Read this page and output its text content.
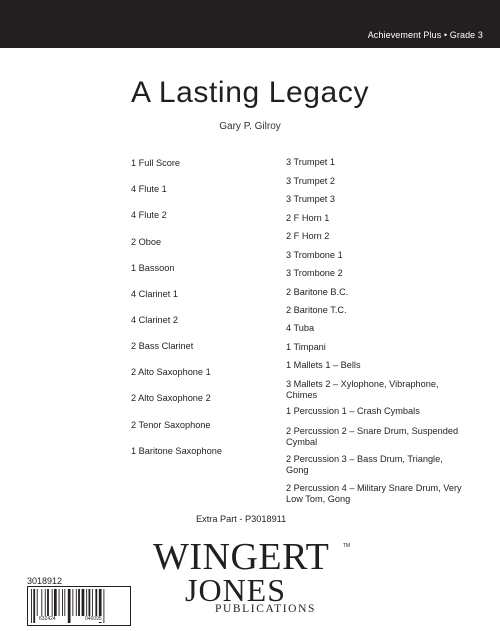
Achievement Plus • Grade 3
A Lasting Legacy
Gary P. Gilroy
1 Full Score
4 Flute 1
4 Flute 2
2 Oboe
1 Bassoon
4 Clarinet 1
4 Clarinet 2
2 Bass Clarinet
2 Alto Saxophone 1
2 Alto Saxophone 2
2 Tenor Saxophone
1 Baritone Saxophone
3 Trumpet 1
3 Trumpet 2
3 Trumpet 3
2 F Horn 1
2 F Horn 2
3 Trombone 1
3 Trombone 2
2 Baritone B.C.
2 Baritone T.C.
4 Tuba
1 Timpani
1 Mallets 1 – Bells
3 Mallets 2 – Xylophone, Vibraphone, Chimes
1 Percussion 1 – Crash Cymbals
2 Percussion 2 – Snare Drum, Suspended Cymbal
2 Percussion 3 – Bass Drum, Triangle, Gong
2 Percussion 4 – Military Snare Drum, Very Low Tom, Gong
Extra Part - P3018911
WINGERT	TM
JONES
PUBLICATIONS
3018912
632424	046095
